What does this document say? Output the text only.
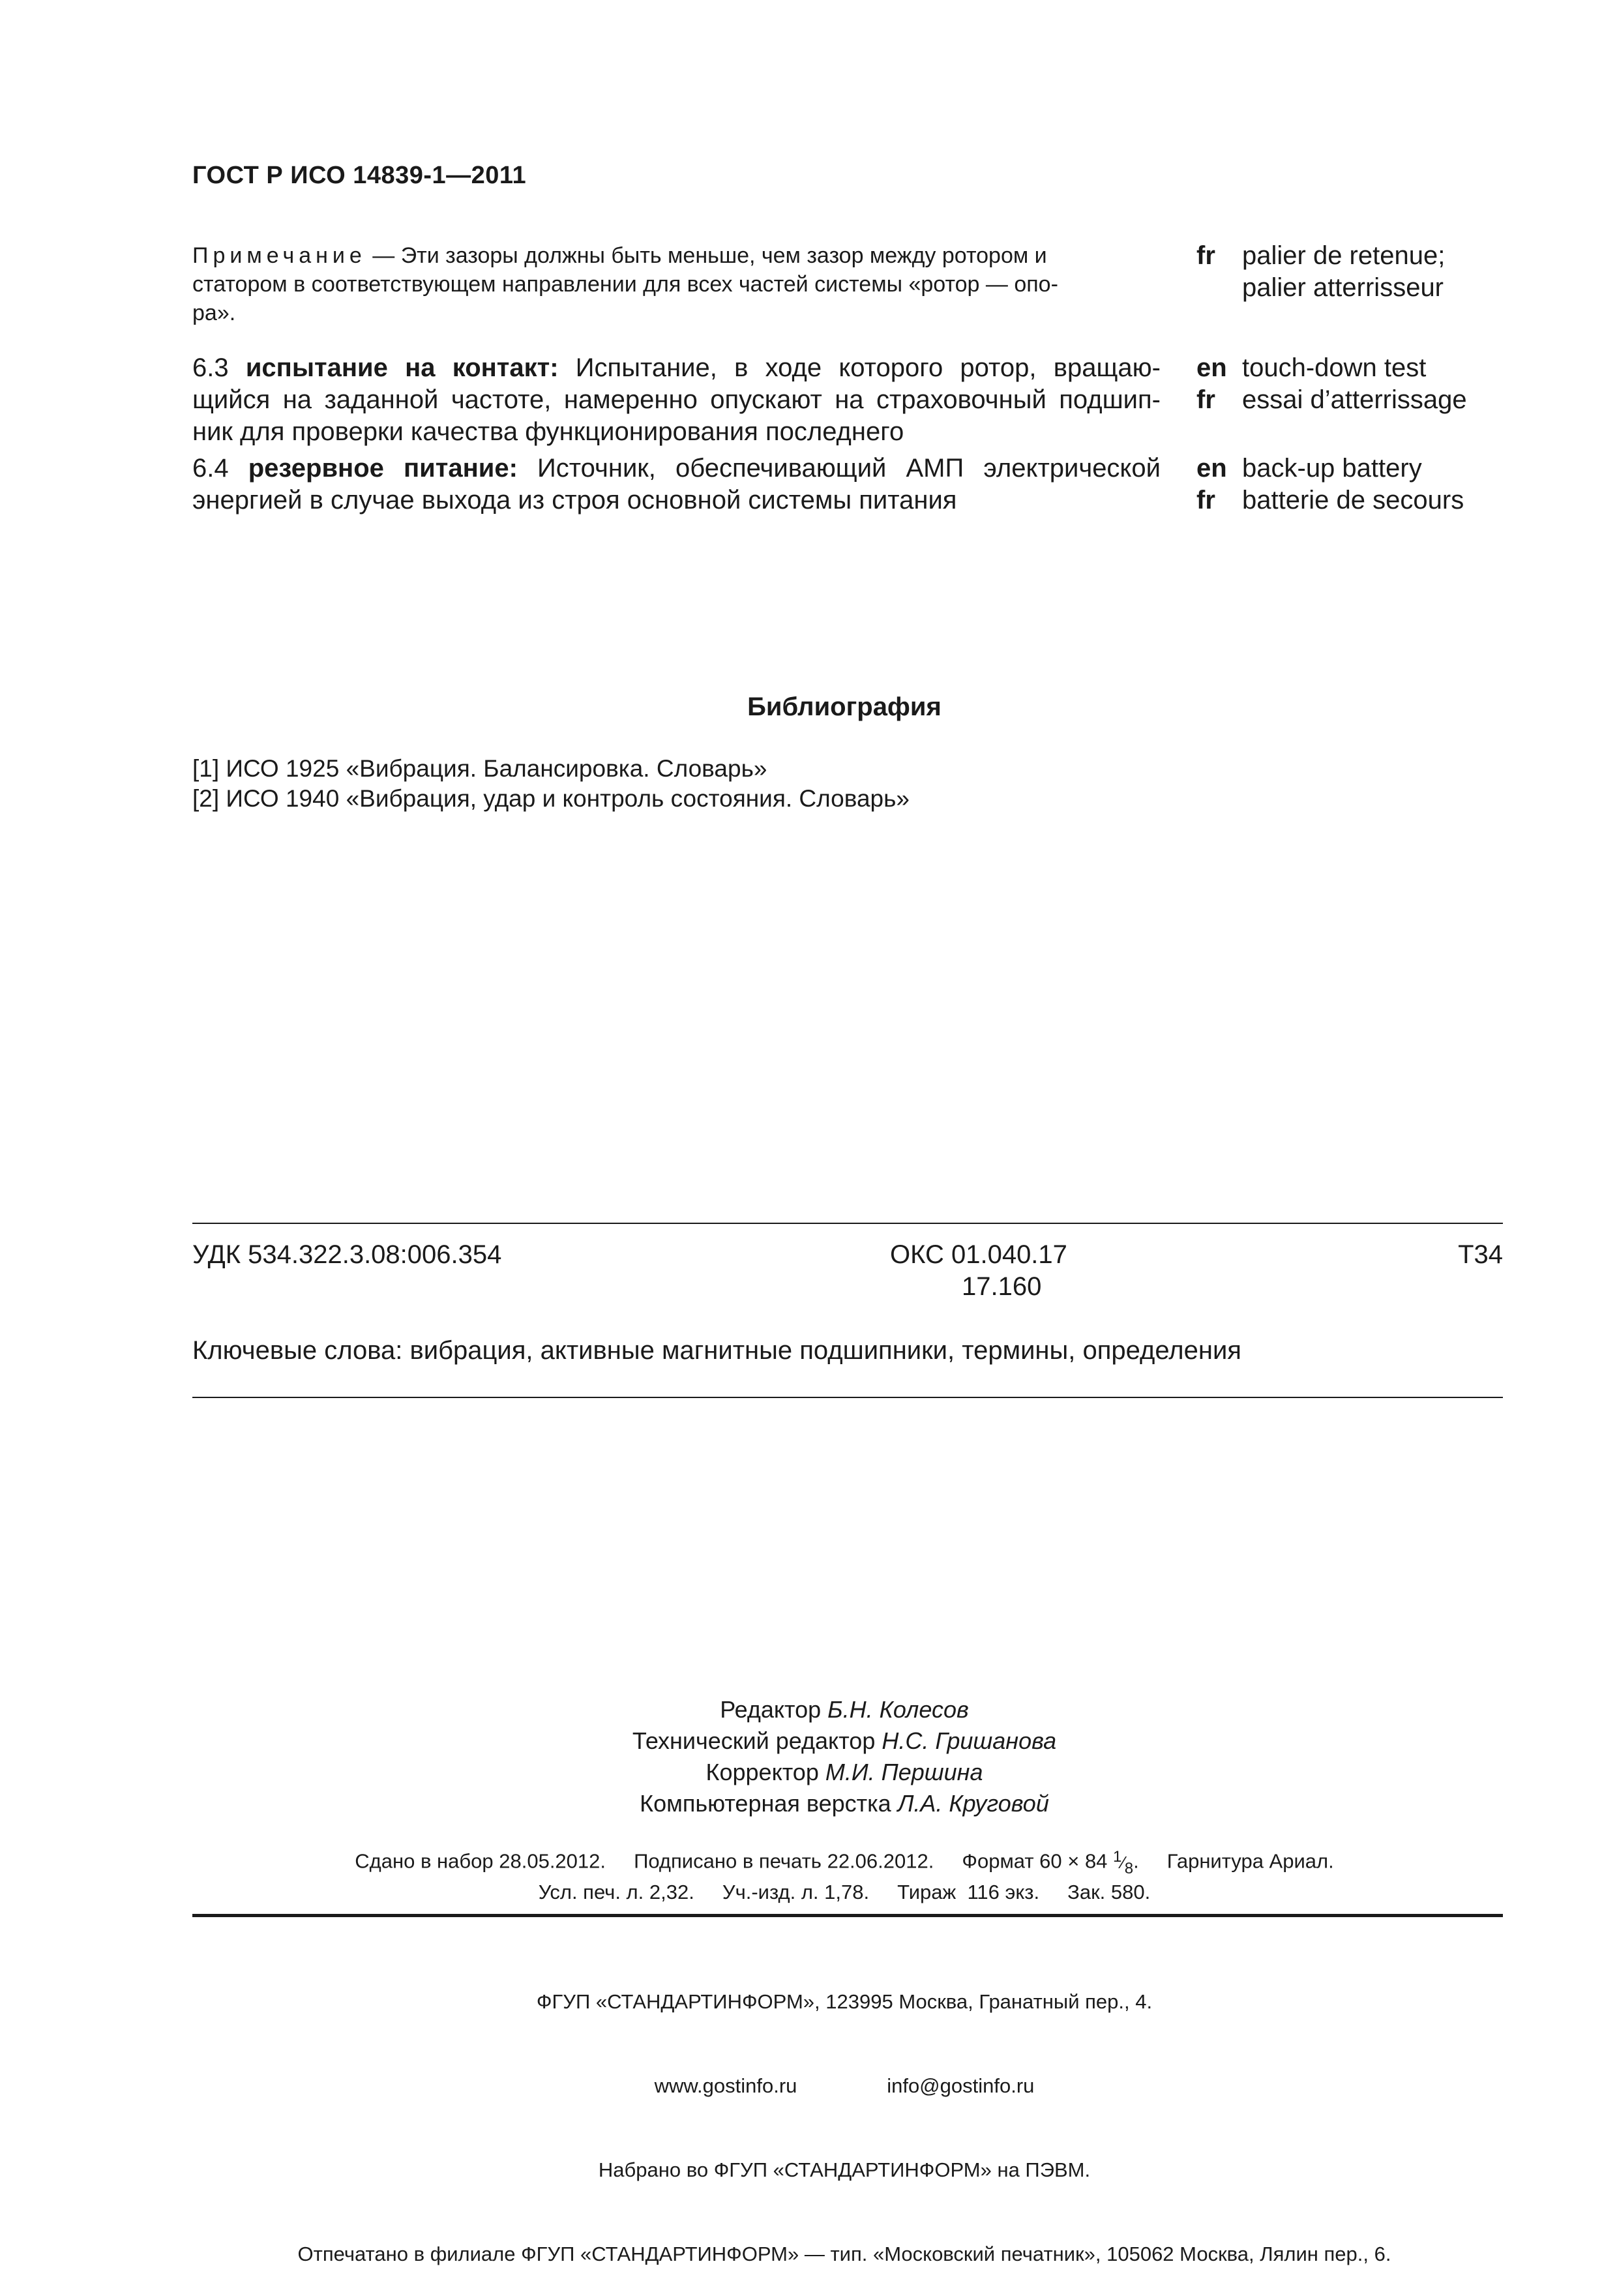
ГОСТ Р ИСО 14839-1—2011
Примечание — Эти зазоры должны быть меньше, чем зазор между ротором и
статором в соответствующем направлении для всех частей системы «ротор — опо-
ра».
fr palier de retenue;
palier atterrisseur
6.3 испытание на контакт: Испытание, в ходе которого ротор, вращаю-
щийся на заданной частоте, намеренно опускают на страховочный подшип-
ник для проверки качества функционирования последнего
en touch-down test
fr essai d’atterrissage
6.4 резервное питание: Источник, обеспечивающий АМП электрической
энергией в случае выхода из строя основной системы питания
en back-up battery
fr batterie de secours
Библиография
[1] ИСО 1925 «Вибрация. Балансировка. Словарь»
[2] ИСО 1940 «Вибрация, удар и контроль состояния. Словарь»
УДК 534.322.3.08:006.354	ОКС 01.040.17
17.160
Т34
Ключевые слова: вибрация, активные магнитные подшипники, термины, определения
Редактор Б.Н. Колесов
Технический редактор Н.С. Гришанова
Корректор М.И. Першина
Компьютерная верстка Л.А. Круговой
Сдано в набор 28.05.2012.     Подписано в печать 22.06.2012.     Формат 60 × 84 $^1⁄_8$.     Гарнитура Ариал.
Усл. печ. л. 2,32.     Уч.-изд. л. 1,78.     Тираж  116 экз.     Зак. 580.

ФГУП «СТАНДАРТИНФОРМ», 123995 Москва, Гранатный пер., 4.

www.gostinfo.ru                info@gostinfo.ru

Набрано во ФГУП «СТАНДАРТИНФОРМ» на ПЭВМ.

Отпечатано в филиале ФГУП «СТАНДАРТИНФОРМ» — тип. «Московский печатник», 105062 Москва, Лялин пер., 6.
